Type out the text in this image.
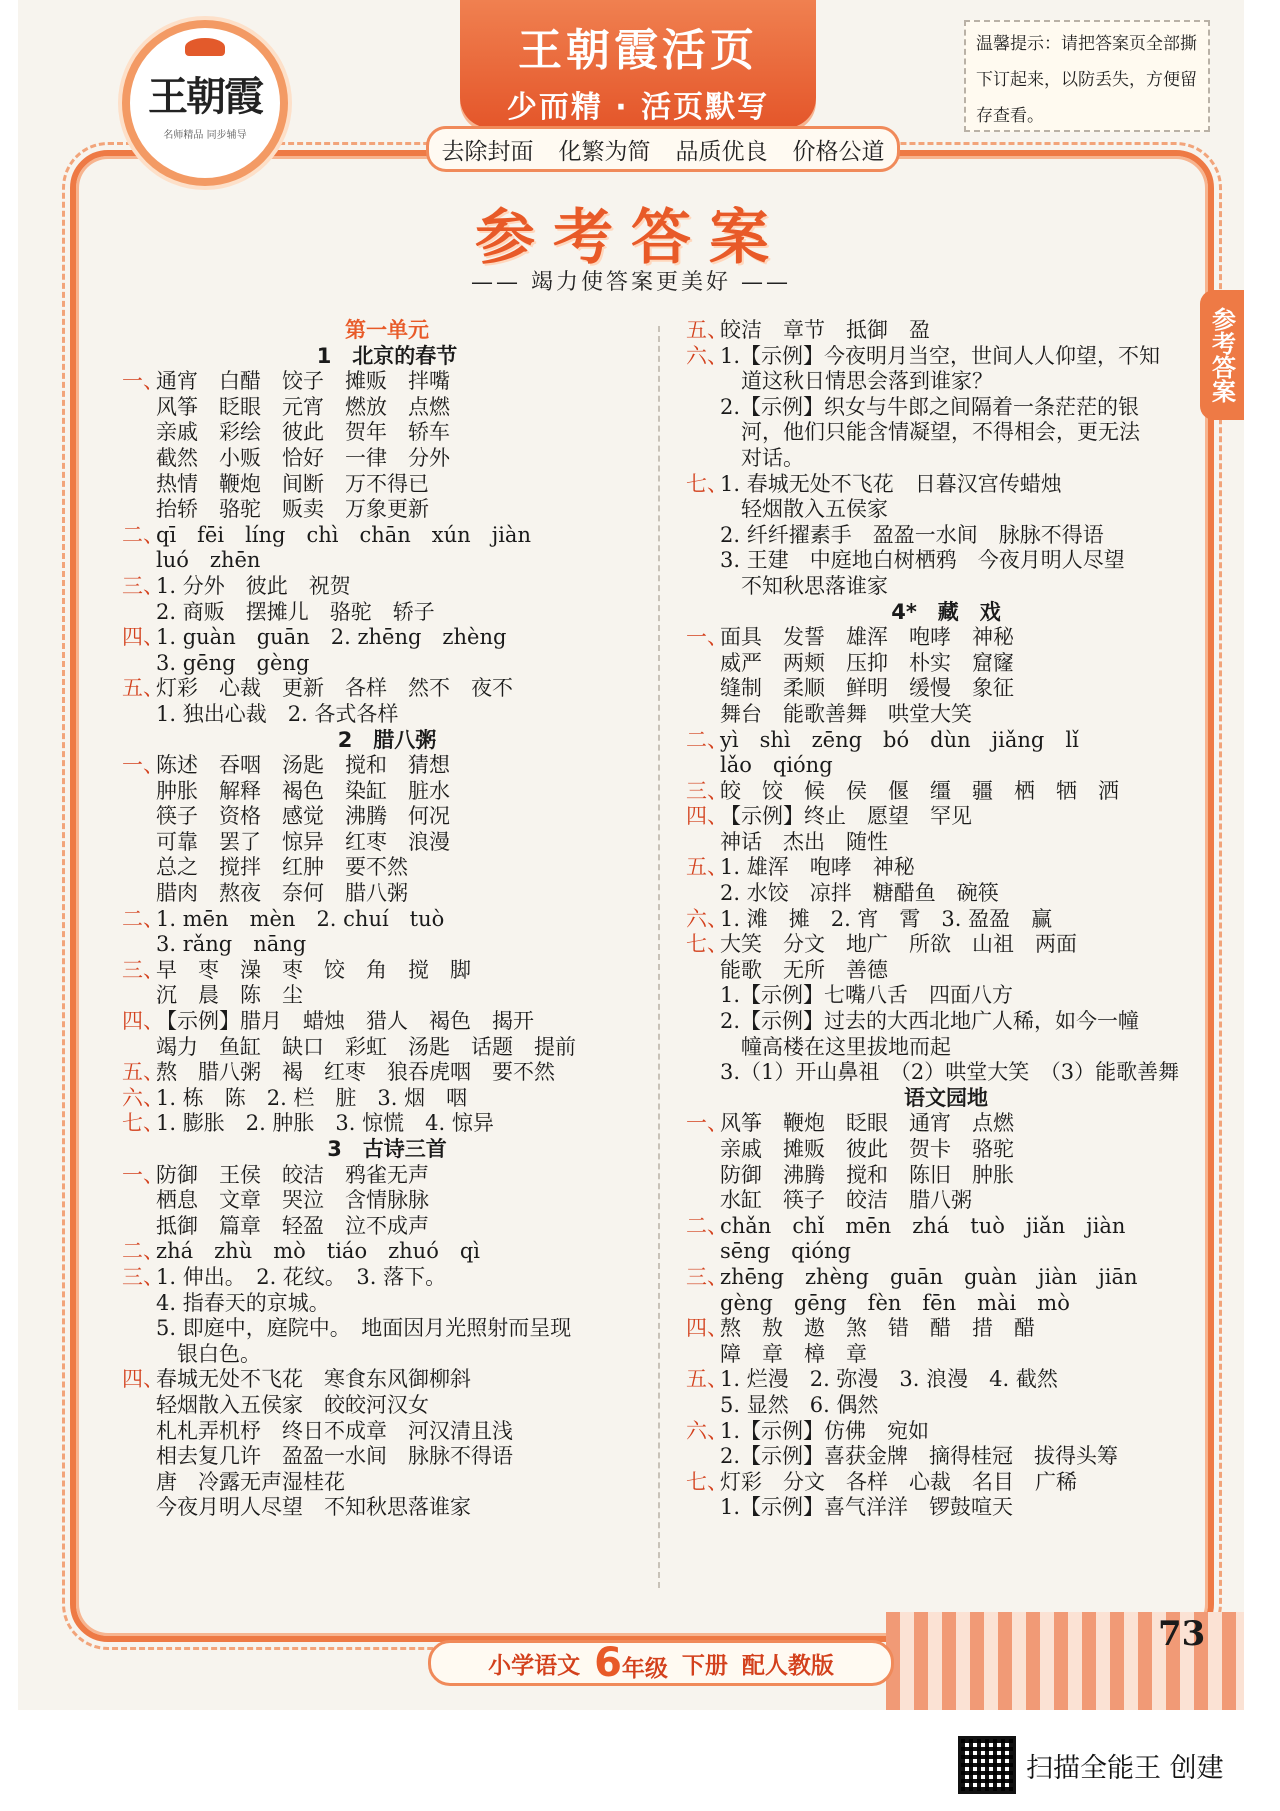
王朝霞
名师精品 同步辅导
王朝霞活页
少而精 · 活页默写
去除封面 化繁为简 品质优良 价格公道
温馨提示：请把答案页全部撕下订起来，以防丢失，方便留存查看。
参考答案
参考答案
—— 竭力使答案更美好 ——
第一单元
1　北京的春节
一、通宵　白醋　饺子　摊贩　拌嘴
风筝　眨眼　元宵　燃放　点燃
亲戚　彩绘　彼此　贺年　轿车
截然　小贩　恰好　一律　分外
热情　鞭炮　间断　万不得已
抬轿　骆驼　贩卖　万象更新
二、qī　fēi　líng　chì　chān　xún　jiàn
luó　zhēn
三、1. 分外　彼此　祝贺
2. 商贩　摆摊儿　骆驼　轿子
四、1. guàn　guān　2. zhēng　zhèng
3. gēng　gèng
五、灯彩　心裁　更新　各样　然不　夜不
1. 独出心裁　2. 各式各样
2　腊八粥
一、陈述　吞咽　汤匙　搅和　猜想
肿胀　解释　褐色　染缸　脏水
筷子　资格　感觉　沸腾　何况
可靠　罢了　惊异　红枣　浪漫
总之　搅拌　红肿　要不然
腊肉　熬夜　奈何　腊八粥
二、1. mēn　mèn　2. chuí　tuò
3. rǎng　nāng
三、早　枣　澡　枣　饺　角　搅　脚
沉　晨　陈　尘
四、【示例】腊月　蜡烛　猎人　褐色　揭开
竭力　鱼缸　缺口　彩虹　汤匙　话题　提前
五、熬　腊八粥　褐　红枣　狼吞虎咽　要不然
六、1. 栋　陈　2. 栏　脏　3. 烟　咽
七、1. 膨胀　2. 肿胀　3. 惊慌　4. 惊异
3　古诗三首
一、防御　王侯　皎洁　鸦雀无声
栖息　文章　哭泣　含情脉脉
抵御　篇章　轻盈　泣不成声
二、zhá　zhù　mò　tiáo　zhuó　qì
三、1. 伸出。　2. 花纹。　3. 落下。
4. 指春天的京城。
5. 即庭中，庭院中。　地面因月光照射而呈现
　银白色。
四、春城无处不飞花　寒食东风御柳斜
轻烟散入五侯家　皎皎河汉女
札札弄机杼　终日不成章　河汉清且浅
相去复几许　盈盈一水间　脉脉不得语
唐　冷露无声湿桂花
今夜月明人尽望　不知秋思落谁家
五、皎洁　章节　抵御　盈
六、1.【示例】今夜明月当空，世间人人仰望，不知
　道这秋日情思会落到谁家？
2.【示例】织女与牛郎之间隔着一条茫茫的银
　河，他们只能含情凝望，不得相会，更无法
　对话。
七、1. 春城无处不飞花　日暮汉宫传蜡烛
　轻烟散入五侯家
2. 纤纤擢素手　盈盈一水间　脉脉不得语
3. 王建　中庭地白树栖鸦　今夜月明人尽望
　不知秋思落谁家
4*　藏　戏
一、面具　发誓　雄浑　咆哮　神秘
威严　两颊　压抑　朴实　窟窿
缝制　柔顺　鲜明　缓慢　象征
舞台　能歌善舞　哄堂大笑
二、yì　shì　zēng　bó　dùn　jiǎng　lǐ
lǎo　qióng
三、皎　饺　候　侯　偃　缰　疆　栖　牺　洒
四、【示例】终止　愿望　罕见
神话　杰出　随性
五、1. 雄浑　咆哮　神秘
2. 水饺　凉拌　糖醋鱼　碗筷
六、1. 滩　摊　2. 宵　霄　3. 盈盈　赢
七、大笑　分文　地广　所欲　山祖　两面
能歌　无所　善德
1.【示例】七嘴八舌　四面八方
2.【示例】过去的大西北地广人稀，如今一幢
　幢高楼在这里拔地而起
3.（1）开山鼻祖　（2）哄堂大笑　（3）能歌善舞
语文园地
一、风筝　鞭炮　眨眼　通宵　点燃
亲戚　摊贩　彼此　贺卡　骆驼
防御　沸腾　搅和　陈旧　肿胀
水缸　筷子　皎洁　腊八粥
二、chǎn　chǐ　mēn　zhá　tuò　jiǎn　jiàn
sēng　qióng
三、zhēng　zhèng　guān　guàn　jiàn　jiān
gèng　gēng　fèn　fēn　mài　mò
四、熬　敖　遨　煞　错　醋　措　醋
障　章　樟　章
五、1. 烂漫　2. 弥漫　3. 浪漫　4. 截然
5. 显然　6. 偶然
六、1.【示例】仿佛　宛如
2.【示例】喜获金牌　摘得桂冠　拔得头筹
七、灯彩　分文　各样　心裁　名目　广稀
1.【示例】喜气洋洋　锣鼓喧天
73
小学语文 6年级 下册 配人教版
扫描全能王 创建
